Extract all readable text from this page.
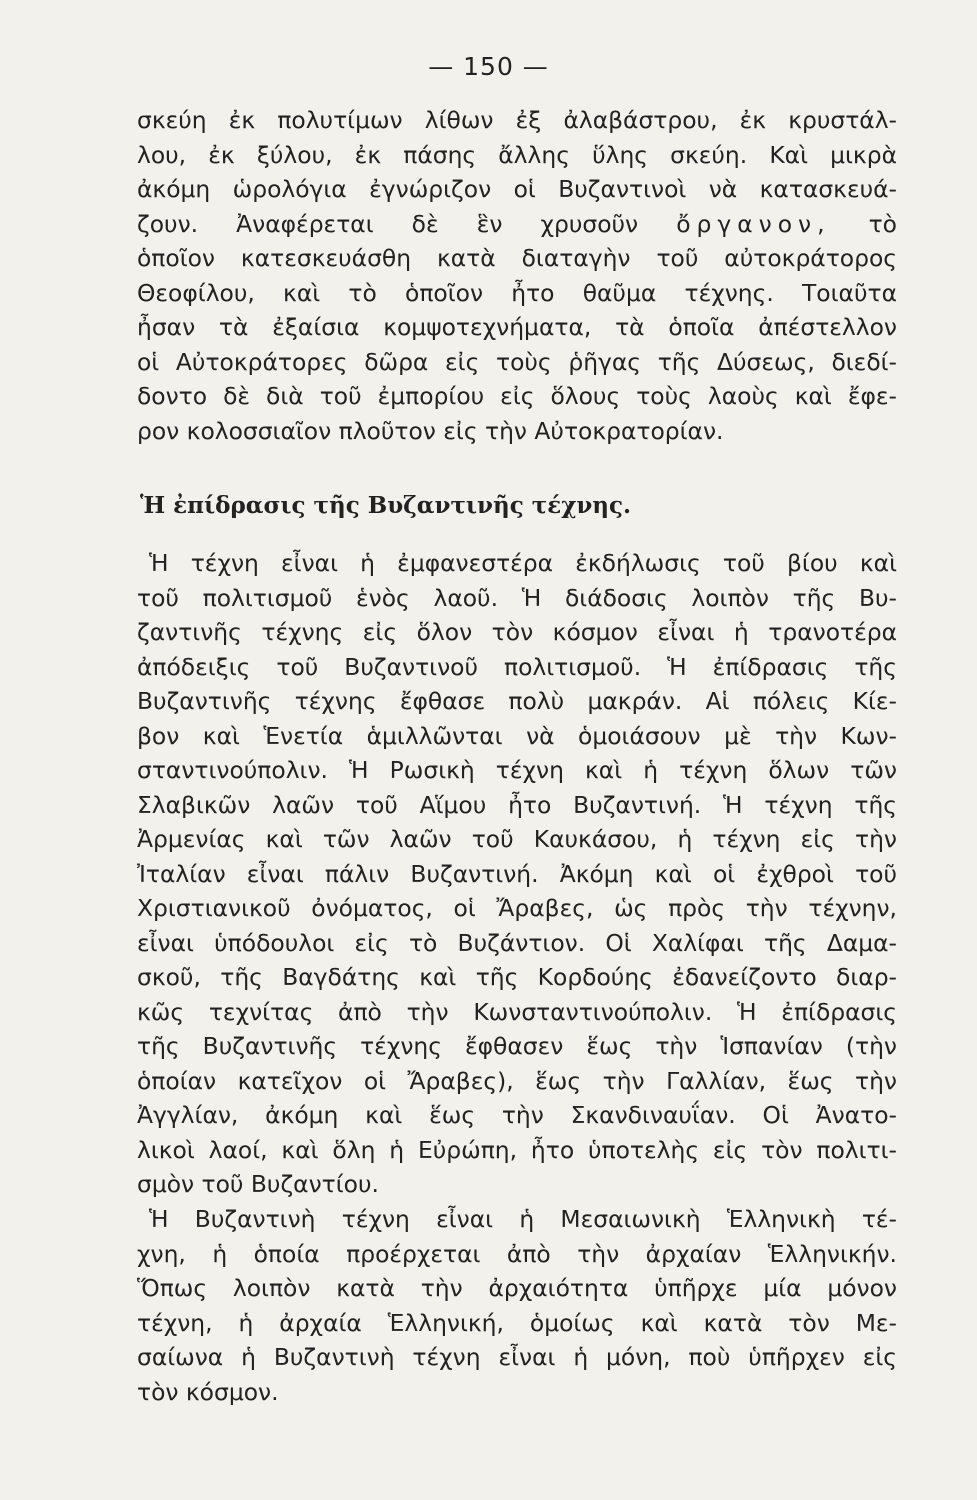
— 150 —
σκεύη ἐκ πολυτίμων λίθων ἐξ ἀλαβάστρου, ἐκ κρυστάλ-
λου, ἐκ ξύλου, ἐκ πάσης ἄλλης ὕλης σκεύη. Καὶ μικρὰ
ἀκόμη ὡρολόγια ἐγνώριζον οἱ Βυζαντινοὶ νὰ κατασκευά-
ζουν. Ἀναφέρεται δὲ ἓν χρυσοῦν ὄργανον, τὸ
ὁποῖον κατεσκευάσθη κατὰ διαταγὴν τοῦ αὐτοκράτορος
Θεοφίλου, καὶ τὸ ὁποῖον ἦτο θαῦμα τέχνης. Τοιαῦτα
ἦσαν τὰ ἐξαίσια κομψοτεχνήματα, τὰ ὁποῖα ἀπέστελλον
οἱ Αὐτοκράτορες δῶρα εἰς τοὺς ῥῆγας τῆς Δύσεως, διεδί-
δοντο δὲ διὰ τοῦ ἐμπορίου εἰς ὅλους τοὺς λαοὺς καὶ ἔφε-
ρον κολοσσιαῖον πλοῦτον εἰς τὴν Αὐτοκρατορίαν.
Ἡ ἐπίδρασις τῆς Βυζαντινῆς τέχνης.
Ἡ τέχνη εἶναι ἡ ἐμφανεστέρα ἐκδήλωσις τοῦ βίου καὶ
τοῦ πολιτισμοῦ ἑνὸς λαοῦ. Ἡ διάδοσις λοιπὸν τῆς Βυ-
ζαντινῆς τέχνης εἰς ὅλον τὸν κόσμον εἶναι ἡ τρανοτέρα
ἀπόδειξις τοῦ Βυζαντινοῦ πολιτισμοῦ. Ἡ ἐπίδρασις τῆς
Βυζαντινῆς τέχνης ἔφθασε πολὺ μακράν. Αἱ πόλεις Κίε-
βον καὶ Ἑνετία ἁμιλλῶνται νὰ ὁμοιάσουν μὲ τὴν Κων-
σταντινούπολιν. Ἡ Ρωσικὴ τέχνη καὶ ἡ τέχνη ὅλων τῶν
Σλαβικῶν λαῶν τοῦ Αἵμου ἦτο Βυζαντινή. Ἡ τέχνη τῆς
Ἀρμενίας καὶ τῶν λαῶν τοῦ Καυκάσου, ἡ τέχνη εἰς τὴν
Ἰταλίαν εἶναι πάλιν Βυζαντινή. Ἀκόμη καὶ οἱ ἐχθροὶ τοῦ
Χριστιανικοῦ ὀνόματος, οἱ Ἄραβες, ὡς πρὸς τὴν τέχνην,
εἶναι ὑπόδουλοι εἰς τὸ Βυζάντιον. Οἱ Χαλίφαι τῆς Δαμα-
σκοῦ, τῆς Βαγδάτης καὶ τῆς Κορδούης ἐδανείζοντο διαρ-
κῶς τεχνίτας ἀπὸ τὴν Κωνσταντινούπολιν. Ἡ ἐπίδρασις
τῆς Βυζαντινῆς τέχνης ἔφθασεν ἕως τὴν Ἱσπανίαν (τὴν
ὁποίαν κατεῖχον οἱ Ἄραβες), ἕως τὴν Γαλλίαν, ἕως τὴν
Ἀγγλίαν, ἀκόμη καὶ ἕως τὴν Σκανδιναυΐαν. Οἱ Ἀνατο-
λικοὶ λαοί, καὶ ὅλη ἡ Εὐρώπη, ἦτο ὑποτελὴς εἰς τὸν πολιτι-
σμὸν τοῦ Βυζαντίου.
Ἡ Βυζαντινὴ τέχνη εἶναι ἡ Μεσαιωνικὴ Ἑλληνικὴ τέ-
χνη, ἡ ὁποία προέρχεται ἀπὸ τὴν ἀρχαίαν Ἑλληνικήν.
Ὅπως λοιπὸν κατὰ τὴν ἀρχαιότητα ὑπῆρχε μία μόνον
τέχνη, ἡ ἀρχαία Ἑλληνική, ὁμοίως καὶ κατὰ τὸν Με-
σαίωνα ἡ Βυζαντινὴ τέχνη εἶναι ἡ μόνη, ποὺ ὑπῆρχεν εἰς
τὸν κόσμον.
